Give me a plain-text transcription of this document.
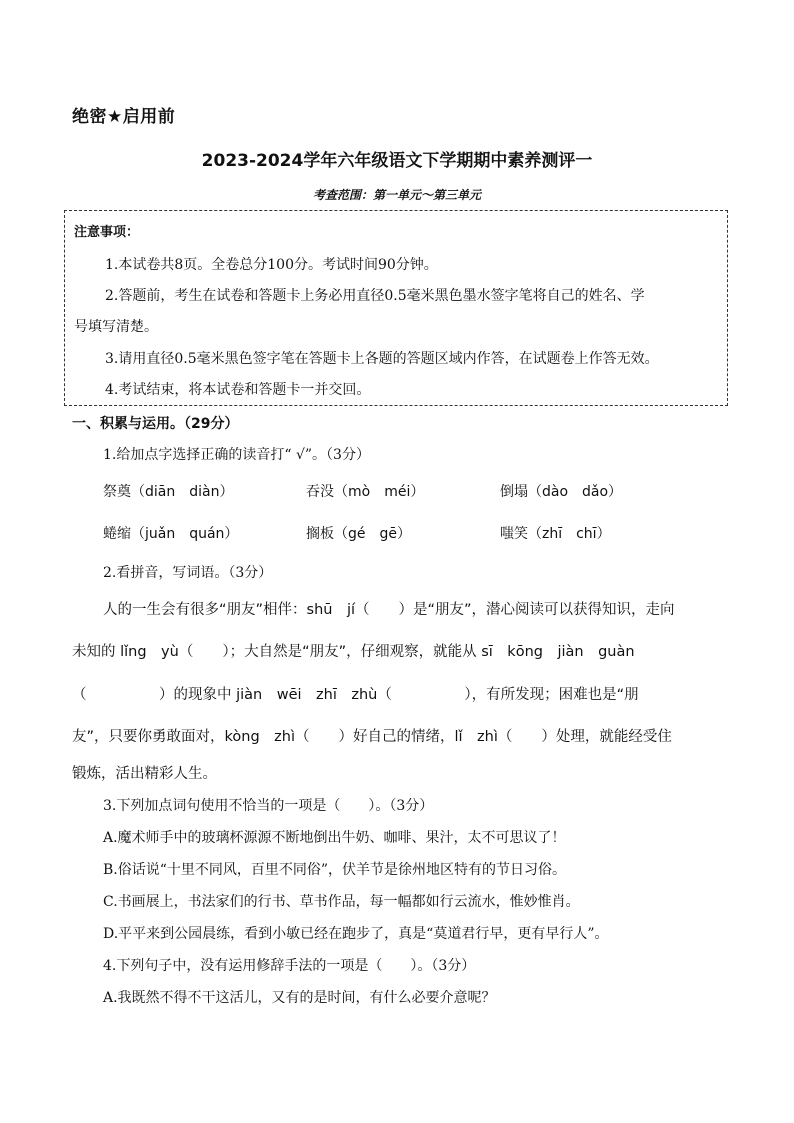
绝密★启用前
2023-2024学年六年级语文下学期期中素养测评一
考查范围：第一单元～第三单元
注意事项：

1.本试卷共8页。全卷总分100分。考试时间90分钟。

2.答题前，考生在试卷和答题卡上务必用直径0.5毫米黑色墨水签字笔将自己的姓名、学

号填写清楚。

3.请用直径0.5毫米黑色签字笔在答题卡上各题的答题区域内作答，在试题卷上作答无效。

4.考试结束，将本试卷和答题卡一并交回。

一、积累与运用。（29分）
1.给加点字选择正确的读音打“ √”。（3分）
祭奠（diān　diàn）	吞没（mò　méi）	倒塌（dào　dǎo）
蜷缩（juǎn　quán）	搁板（gé　gē）	嗤笑（zhī　chī）
2.看拼音，写词语。（3分）
人的一生会有很多“朋友”相伴：shū　jí（　　）是“朋友”，潜心阅读可以获得知识，走向
未知的 lǐng　yù（　　）；大自然是“朋友”，仔细观察，就能从 sī　kōng　jiàn　guàn
（　　　　　）的现象中 jiàn　wēi　zhī　zhù（　　　　　），有所发现；困难也是“朋
友”，只要你勇敢面对，kòng　zhì（　　）好自己的情绪，lǐ　zhì（　　）处理，就能经受住
锻炼，活出精彩人生。
3.下列加点词句使用不恰当的一项是（　　）。（3分）
A.魔术师手中的玻璃杯源源不断地倒出牛奶、咖啡、果汁，太不可思议了！
B.俗话说“十里不同风，百里不同俗”，伏羊节是徐州地区特有的节日习俗。
C.书画展上，书法家们的行书、草书作品，每一幅都如行云流水，惟妙惟肖。
D.平平来到公园晨练，看到小敏已经在跑步了，真是“莫道君行早，更有早行人”。
4.下列句子中，没有运用修辞手法的一项是（　　）。（3分）
A.我既然不得不干这活儿，又有的是时间，有什么必要介意呢？
